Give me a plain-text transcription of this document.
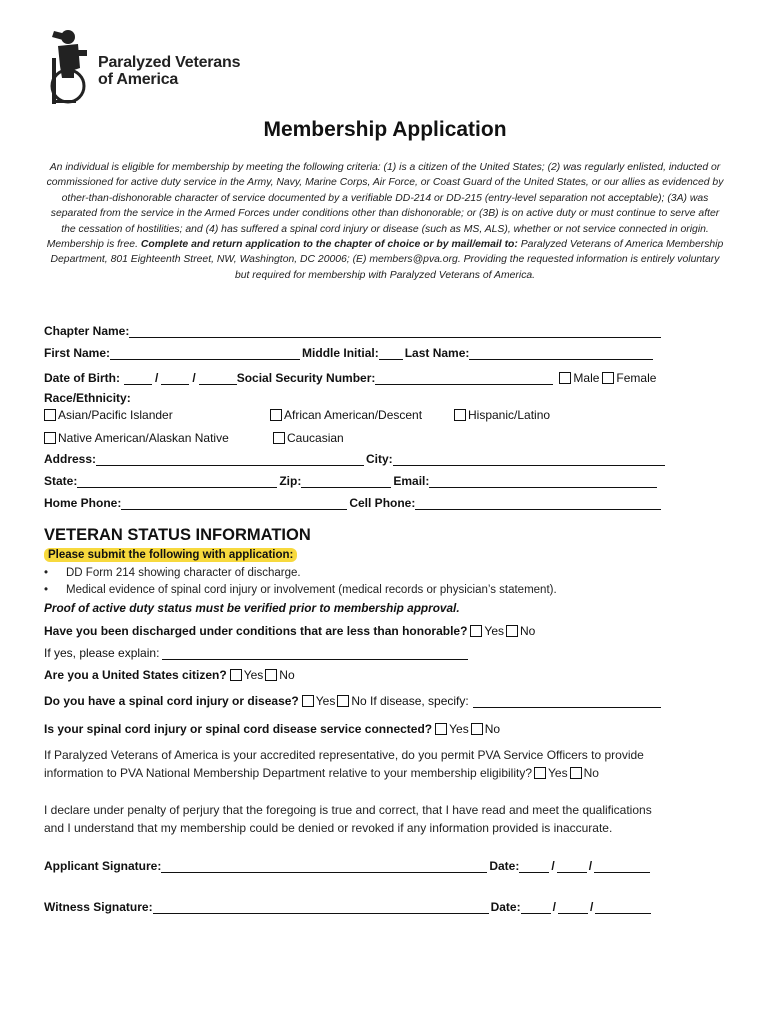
Paralyzed Veterans
of America
Membership Application
An individual is eligible for membership by meeting the following criteria: (1) is a citizen of the United States; (2) was regularly enlisted, inducted or commissioned for active duty service in the Army, Navy, Marine Corps, Air Force, or Coast Guard of the United States, or our allies as evidenced by other-than-dishonorable character of service documented by a verifiable DD-214 or DD-215 (entry-level separation not acceptable); (3A) was separated from the service in the Armed Forces under conditions other than dishonorable; or (3B) is on active duty or must continue to serve after the cessation of hostilities; and (4) has suffered a spinal cord injury or disease (such as MS, ALS), whether or not service connected in origin. Membership is free. Complete and return application to the chapter of choice or by mail/email to: Paralyzed Veterans of America Membership Department, 801 Eighteenth Street, NW, Washington, DC 20006; (E) members@pva.org. Providing the requested information is entirely voluntary but required for membership with Paralyzed Veterans of America.
Chapter Name:
First Name:	Middle Initial: Last Name:
Date of Birth:	/	/	Social Security Number:	Male Female
Race/Ethnicity:
Asian/Pacific Islander	African American/Descent	Hispanic/Latino
Native American/Alaskan Native	Caucasian
Address:	City:
State:	Zip:	Email:
Home Phone:	Cell Phone:
VETERAN STATUS INFORMATION
Please submit the following with application:
• DD Form 214 showing character of discharge.
• Medical evidence of spinal cord injury or involvement (medical records or physician’s statement).
Proof of active duty status must be verified prior to membership approval.
Have you been discharged under conditions that are less than honorable? Yes No
If yes, please explain:
Are you a United States citizen? Yes No
Do you have a spinal cord injury or disease? Yes No If disease, specify:
Is your spinal cord injury or spinal cord disease service connected? Yes No
If Paralyzed Veterans of America is your accredited representative, do you permit PVA Service Officers to provide
information to PVA National Membership Department relative to your membership eligibility? Yes No
I declare under penalty of perjury that the foregoing is true and correct, that I have read and meet the qualifications
and I understand that my membership could be denied or revoked if any information provided is inaccurate.
Applicant Signature:	Date:	/	/
Witness Signature:	Date:	/	/
